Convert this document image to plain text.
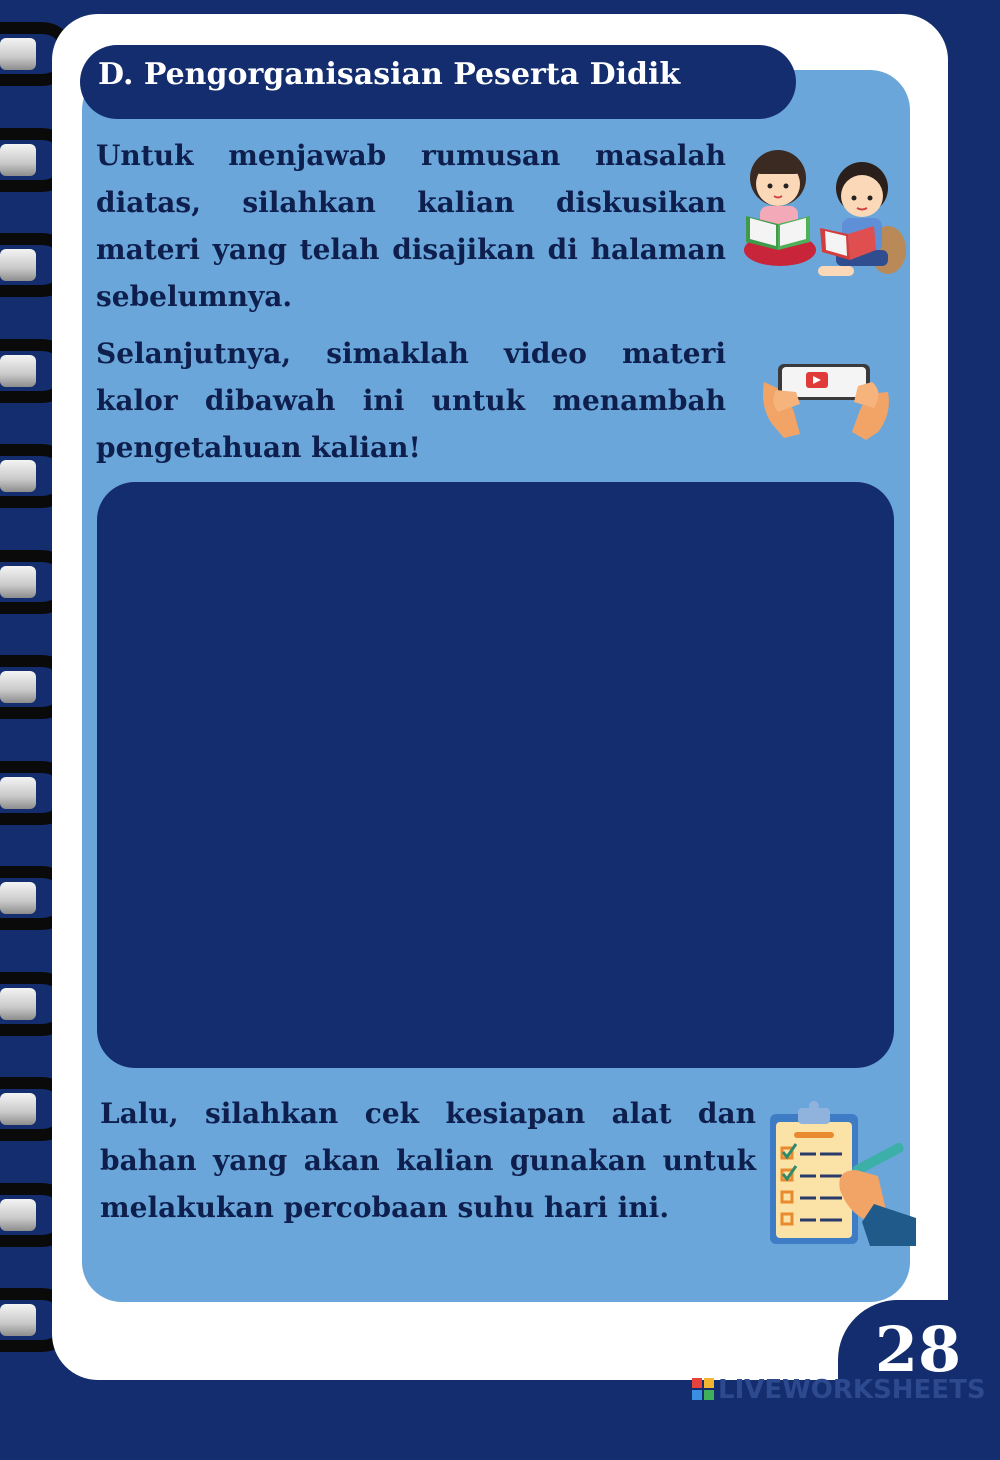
D. Pengorganisasian Peserta Didik
Untuk menjawab rumusan masalah diatas, silahkan kalian diskusikan materi yang telah disajikan di halaman sebelumnya.
Selanjutnya, simaklah video materi kalor dibawah ini untuk menambah pengetahuan kalian!
Lalu, silahkan cek kesiapan alat dan bahan yang akan kalian gunakan untuk melakukan percobaan suhu hari ini.
28
LIVEWORKSHEETS
